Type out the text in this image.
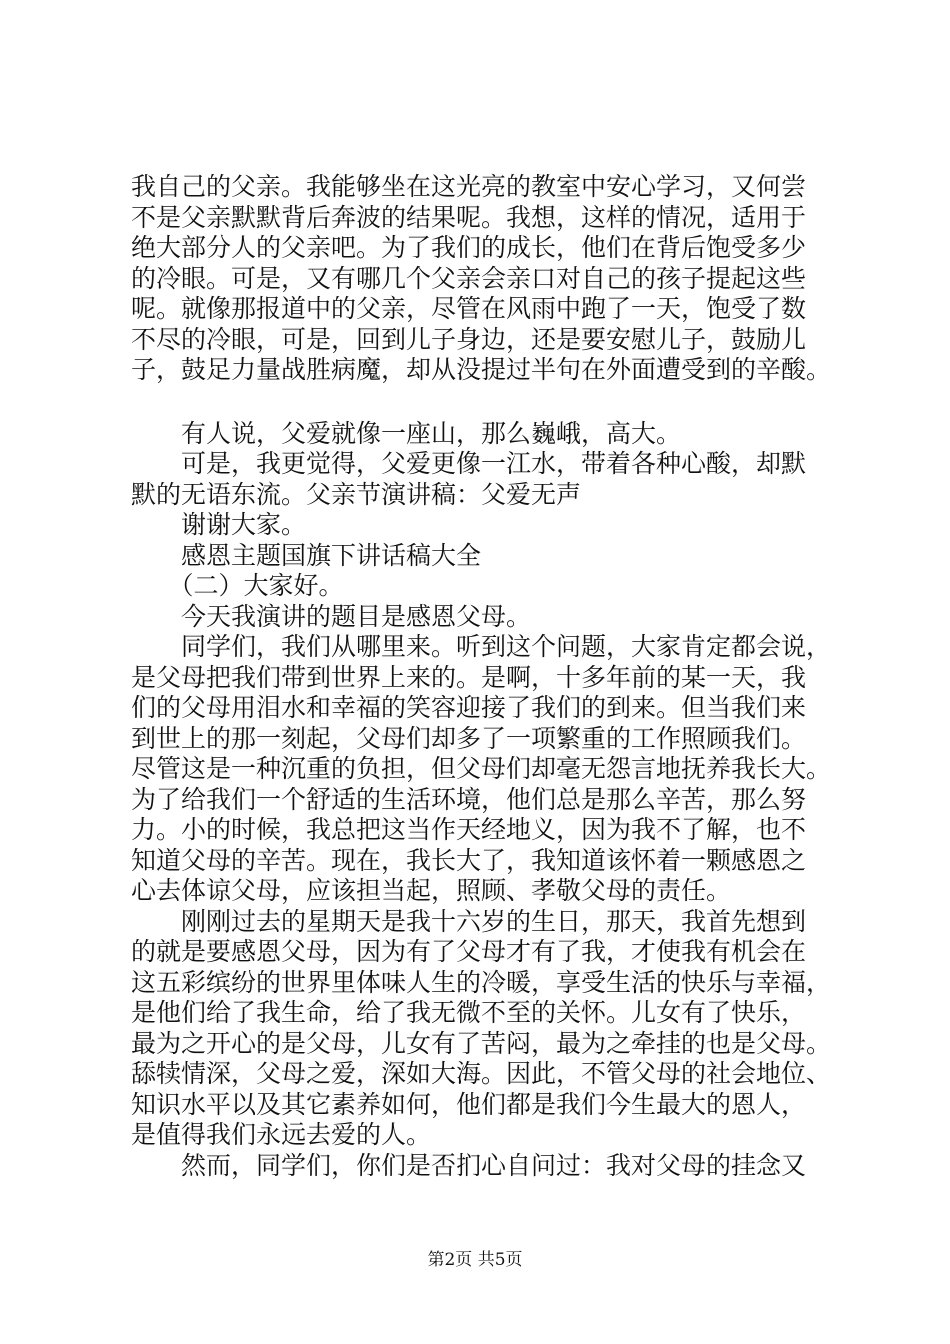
我自己的父亲。我能够坐在这光亮的教室中安心学习，又何尝

不是父亲默默背后奔波的结果呢。我想，这样的情况，适用于

绝大部分人的父亲吧。为了我们的成长，他们在背后饱受多少

的冷眼。可是，又有哪几个父亲会亲口对自己的孩子提起这些

呢。就像那报道中的父亲，尽管在风雨中跑了一天，饱受了数

不尽的冷眼，可是，回到儿子身边，还是要安慰儿子，鼓励儿

子，鼓足力量战胜病魔，却从没提过半句在外面遭受到的辛酸。

　　有人说，父爱就像一座山，那么巍峨，高大。

　　可是，我更觉得，父爱更像一江水，带着各种心酸，却默

默的无语东流。父亲节演讲稿：父爱无声

　　谢谢大家。

　　感恩主题国旗下讲话稿大全

　　（二）大家好。

　　今天我演讲的题目是感恩父母。

　　同学们，我们从哪里来。听到这个问题，大家肯定都会说，

是父母把我们带到世界上来的。是啊，十多年前的某一天，我

们的父母用泪水和幸福的笑容迎接了我们的到来。但当我们来

到世上的那一刻起，父母们却多了一项繁重的工作照顾我们。

尽管这是一种沉重的负担，但父母们却毫无怨言地抚养我长大。

为了给我们一个舒适的生活环境，他们总是那么辛苦，那么努

力。小的时候，我总把这当作天经地义，因为我不了解，也不

知道父母的辛苦。现在，我长大了，我知道该怀着一颗感恩之

心去体谅父母，应该担当起，照顾、孝敬父母的责任。

　　刚刚过去的星期天是我十六岁的生日，那天，我首先想到

的就是要感恩父母，因为有了父母才有了我，才使我有机会在

这五彩缤纷的世界里体味人生的冷暖，享受生活的快乐与幸福，

是他们给了我生命，给了我无微不至的关怀。儿女有了快乐，

最为之开心的是父母，儿女有了苦闷，最为之牵挂的也是父母。

舔犊情深，父母之爱，深如大海。因此，不管父母的社会地位、

知识水平以及其它素养如何，他们都是我们今生最大的恩人，

是值得我们永远去爱的人。

　　然而，同学们，你们是否扪心自问过：我对父母的挂念又

第2页 共5页
